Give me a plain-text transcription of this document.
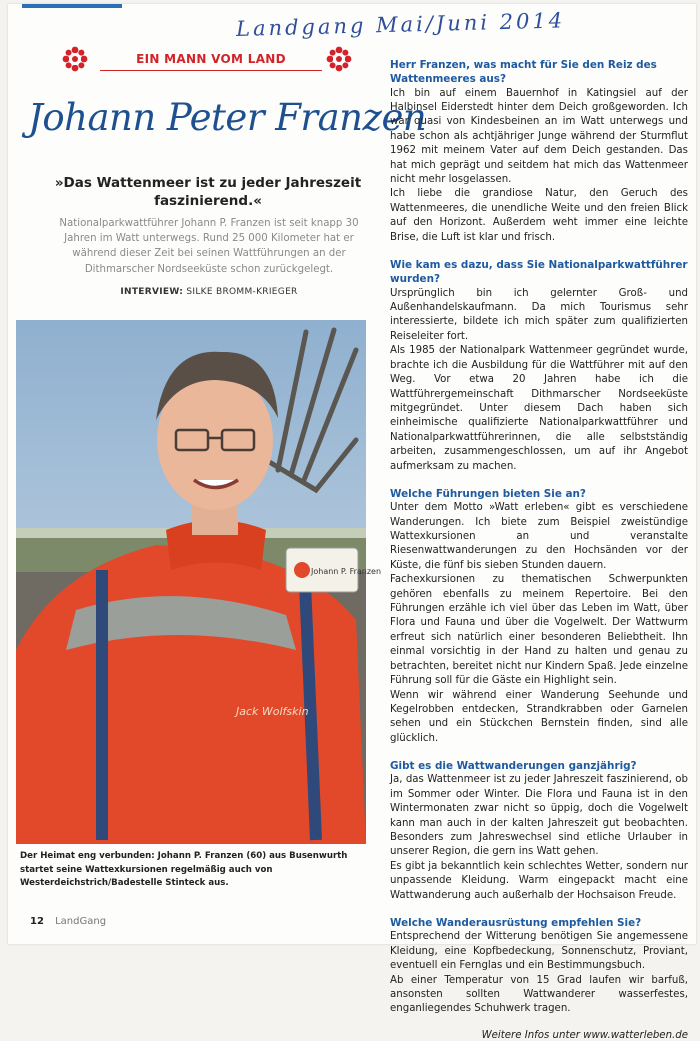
Landgang Mai/Juni 2014
EIN MANN VOM LAND
Johann Peter Franzen
»Das Wattenmeer ist zu jeder Jahreszeit faszinierend.«
Nationalparkwattführer Johann P. Franzen ist seit knapp 30 Jahren im Watt unterwegs. Rund 25 000 Kilometer hat er während dieser Zeit bei seinen Wattführungen an der Dithmarscher Nordseeküste schon zurückgelegt.
INTERVIEW: SILKE BROMM-KRIEGER
Johann P. Franzen
Jack Wolfskin
Der Heimat eng verbunden: Johann P. Franzen (60) aus Busenwurth startet seine Wattexkursionen regelmäßig auch von Westerdeichstrich/Badestelle Stinteck aus.
12 LandGang

Herr Franzen, was macht für Sie den Reiz des Wattenmeeres aus?

Ich bin auf einem Bauernhof in Katingsiel auf der Halbinsel Eiderstedt hinter dem Deich großgeworden. Ich war quasi von Kindesbeinen an im Watt unterwegs und habe schon als achtjähriger Junge während der Sturmflut 1962 mit meinem Vater auf dem Deich gestanden. Das hat mich geprägt und seitdem hat mich das Wattenmeer nicht mehr losgelassen.

Ich liebe die grandiose Natur, den Geruch des Wattenmeeres, die unendliche Weite und den freien Blick auf den Horizont. Außerdem weht immer eine leichte Brise, die Luft ist klar und frisch.

Wie kam es dazu, dass Sie Nationalparkwattführer wurden?

Ursprünglich bin ich gelernter Groß- und Außenhandelskaufmann. Da mich Tourismus sehr interessierte, bildete ich mich später zum qualifizierten Reiseleiter fort.

Als 1985 der Nationalpark Wattenmeer gegründet wurde, brachte ich die Ausbildung für die Wattführer mit auf den Weg. Vor etwa 20 Jahren habe ich die Wattführergemeinschaft Dithmarscher Nordseeküste mitgegründet. Unter diesem Dach haben sich einheimische qualifizierte Nationalparkwattführer und Nationalparkwattführerinnen, die alle selbstständig arbeiten, zusammengeschlossen, um auf ihr Angebot aufmerksam zu machen.

Welche Führungen bieten Sie an?

Unter dem Motto »Watt erleben« gibt es verschiedene Wanderungen. Ich biete zum Beispiel zweistündige Wattexkursionen an und veranstalte Riesenwattwanderungen zu den Hochsänden vor der Küste, die fünf bis sieben Stunden dauern.

Fachexkursionen zu thematischen Schwerpunkten gehören ebenfalls zu meinem Repertoire. Bei den Führungen erzähle ich viel über das Leben im Watt, über Flora und Fauna und über die Vogelwelt. Der Wattwurm erfreut sich natürlich einer besonderen Beliebtheit. Ihn einmal vorsichtig in der Hand zu halten und genau zu betrachten, bereitet nicht nur Kindern Spaß. Jede einzelne Führung soll für die Gäste ein Highlight sein.

Wenn wir während einer Wanderung Seehunde und Kegelrobben entdecken, Strandkrabben oder Garnelen sehen und ein Stückchen Bernstein finden, sind alle glücklich.

Gibt es die Wattwanderungen ganzjährig?

Ja, das Wattenmeer ist zu jeder Jahreszeit faszinierend, ob im Sommer oder Winter. Die Flora und Fauna ist in den Wintermonaten zwar nicht so üppig, doch die Vogelwelt kann man auch in der kalten Jahreszeit gut beobachten. Besonders zum Jahreswechsel sind etliche Urlauber in unserer Region, die gern ins Watt gehen.

Es gibt ja bekanntlich kein schlechtes Wetter, sondern nur unpassende Kleidung. Warm eingepackt macht eine Wattwanderung auch außerhalb der Hochsaison Freude.

Welche Wanderausrüstung empfehlen Sie?

Entsprechend der Witterung benötigen Sie angemessene Kleidung, eine Kopfbedeckung, Sonnenschutz, Proviant, eventuell ein Fernglas und ein Bestimmungsbuch.

Ab einer Temperatur von 15 Grad laufen wir barfuß, ansonsten sollten Wattwanderer wasserfestes, enganliegendes Schuhwerk tragen.

Weitere Infos unter www.watterleben.de
